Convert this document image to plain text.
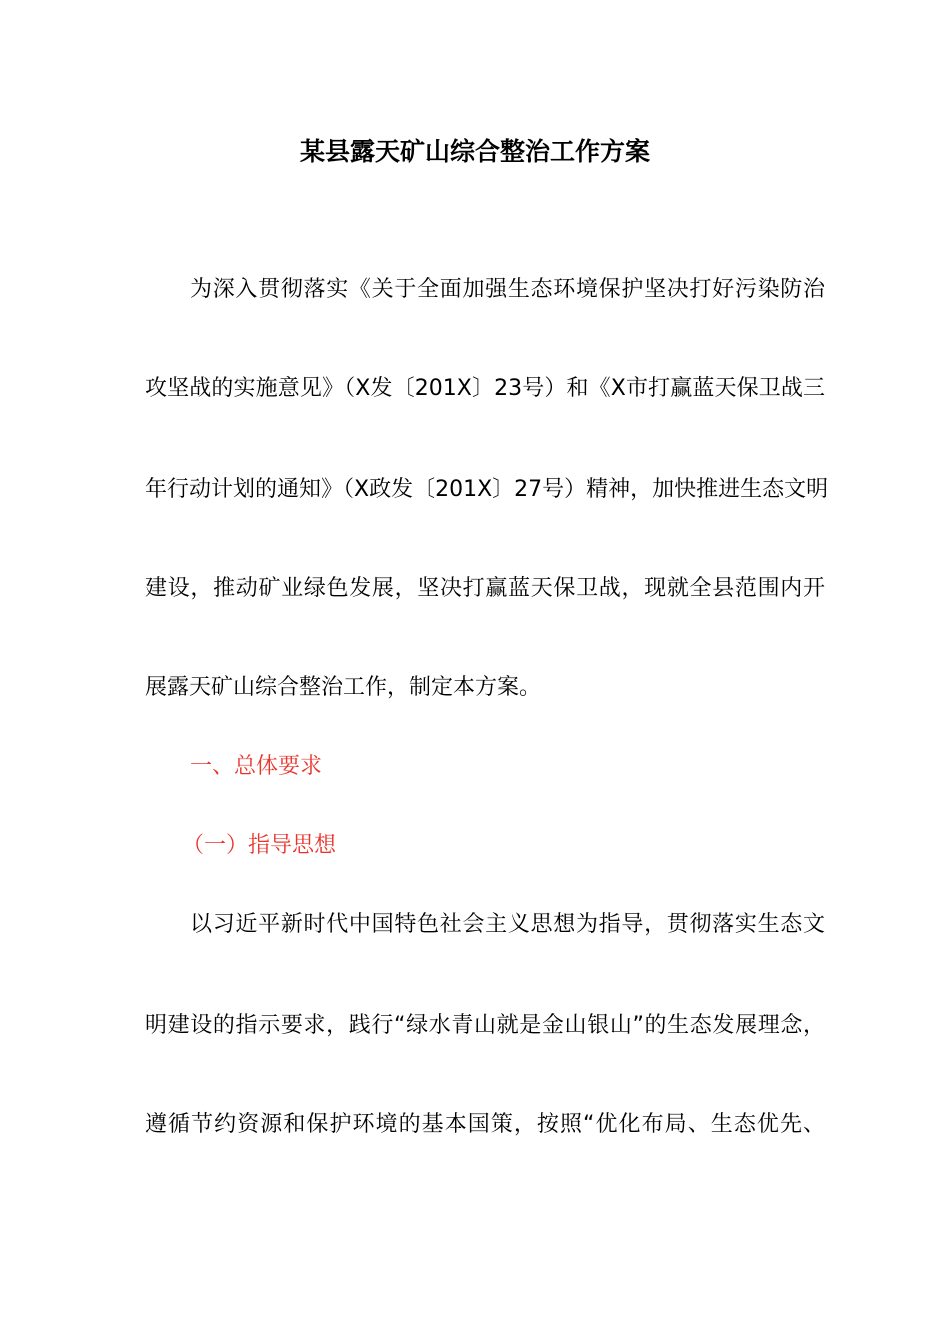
某县露天矿山综合整治工作方案
为深入贯彻落实《关于全面加强生态环境保护坚决打好污染防治
攻坚战的实施意见》（X发〔201X〕23号）和《X市打赢蓝天保卫战三
年行动计划的通知》（X政发〔201X〕27号）精神，加快推进生态文明
建设，推动矿业绿色发展，坚决打赢蓝天保卫战，现就全县范围内开
展露天矿山综合整治工作，制定本方案。
一、总体要求
（一）指导思想
以习近平新时代中国特色社会主义思想为指导，贯彻落实生态文
明建设的指示要求，践行“绿水青山就是金山银山”的生态发展理念，
遵循节约资源和保护环境的基本国策，按照“优化布局、生态优先、
